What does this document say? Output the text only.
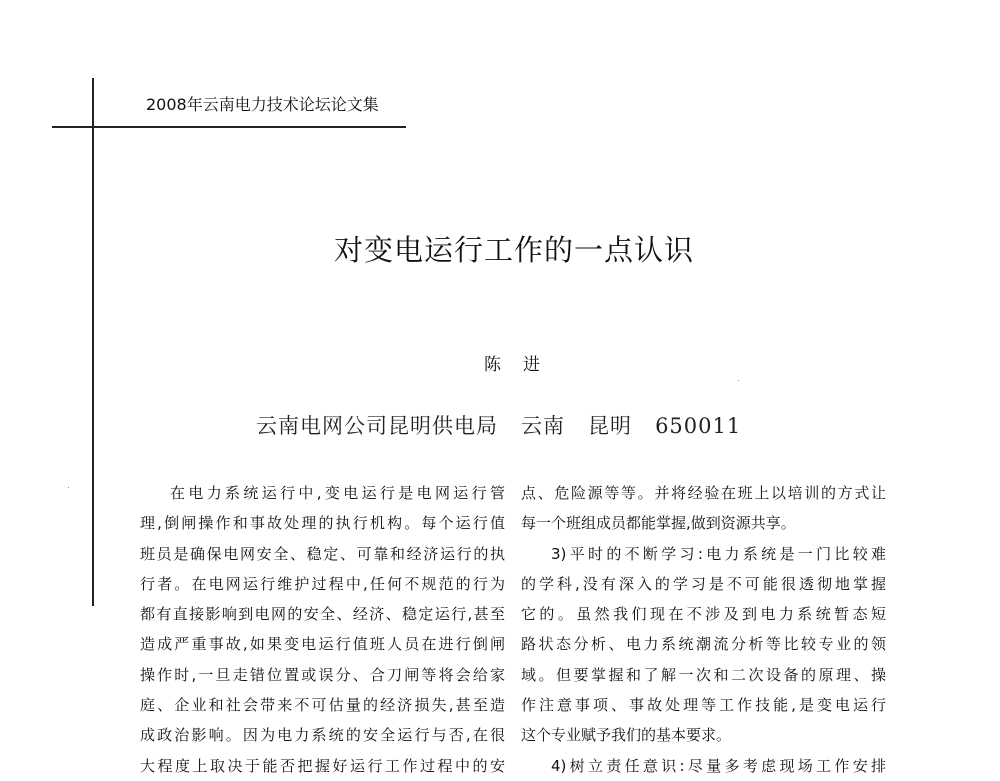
2008年云南电力技术论坛论文集
对变电运行工作的一点认识
陈进
云南电网公司昆明供电局   云南   昆明   650011
在电力系统运行中,变电运行是电网运行管
理,倒闸操作和事故处理的执行机构。每个运行值
班员是确保电网安全、稳定、可靠和经济运行的执
行者。在电网运行维护过程中,任何不规范的行为
都有直接影响到电网的安全、经济、稳定运行,甚至
造成严重事故,如果变电运行值班人员在进行倒闸
操作时,一旦走错位置或误分、合刀闸等将会给家
庭、企业和社会带来不可估量的经济损失,甚至造
成政治影响。因为电力系统的安全运行与否,在很
大程度上取决于能否把握好运行工作过程中的安
点、危险源等等。并将经验在班上以培训的方式让
每一个班组成员都能掌握,做到资源共享。
3)平时的不断学习:电力系统是一门比较难
的学科,没有深入的学习是不可能很透彻地掌握
它的。虽然我们现在不涉及到电力系统暂态短
路状态分析、电力系统潮流分析等比较专业的领
域。但要掌握和了解一次和二次设备的原理、操
作注意事项、事故处理等工作技能,是变电运行
这个专业赋予我们的基本要求。
4)树立责任意识:尽量多考虑现场工作安排
